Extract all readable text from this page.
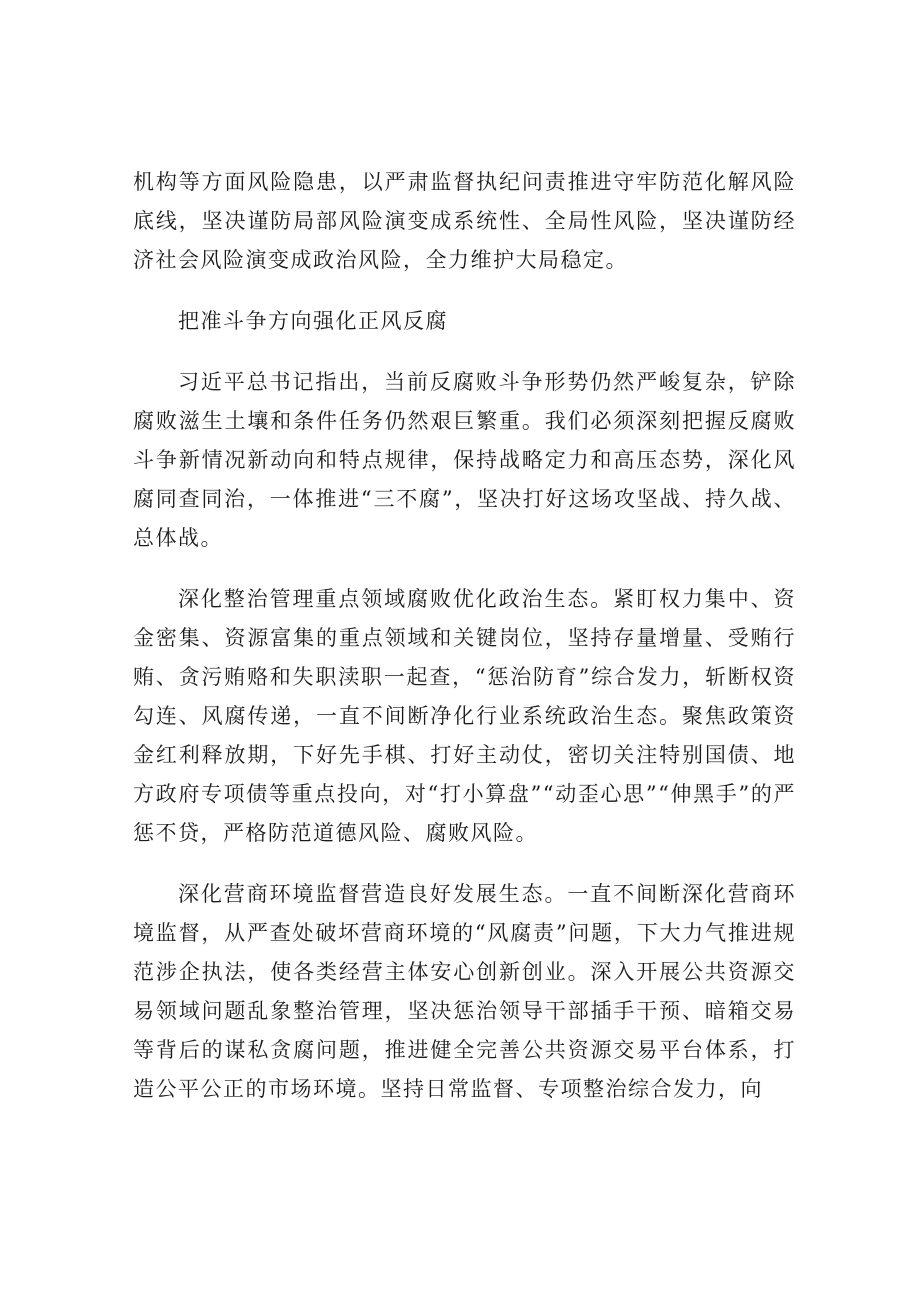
机构等方面风险隐患，以严肃监督执纪问责推进守牢防范化解风险底线，坚决谨防局部风险演变成系统性、全局性风险，坚决谨防经济社会风险演变成政治风险，全力维护大局稳定。

把准斗争方向强化正风反腐

习近平总书记指出，当前反腐败斗争形势仍然严峻复杂，铲除腐败滋生土壤和条件任务仍然艰巨繁重。我们必须深刻把握反腐败斗争新情况新动向和特点规律，保持战略定力和高压态势，深化风腐同查同治，一体推进“三不腐”，坚决打好这场攻坚战、持久战、总体战。

深化整治管理重点领域腐败优化政治生态。紧盯权力集中、资金密集、资源富集的重点领域和关键岗位，坚持存量增量、受贿行贿、贪污贿赂和失职渎职一起查，“惩治防育”综合发力，斩断权资勾连、风腐传递，一直不间断净化行业系统政治生态。聚焦政策资金红利释放期，下好先手棋、打好主动仗，密切关注特别国债、地方政府专项债等重点投向，对“打小算盘”“动歪心思”“伸黑手”的严惩不贷，严格防范道德风险、腐败风险。

深化营商环境监督营造良好发展生态。一直不间断深化营商环境监督，从严查处破坏营商环境的“风腐责”问题，下大力气推进规范涉企执法，使各类经营主体安心创新创业。深入开展公共资源交易领域问题乱象整治管理，坚决惩治领导干部插手干预、暗箱交易等背后的谋私贪腐问题，推进健全完善公共资源交易平台体系，打造公平公正的市场环境。坚持日常监督、专项整治综合发力，向
